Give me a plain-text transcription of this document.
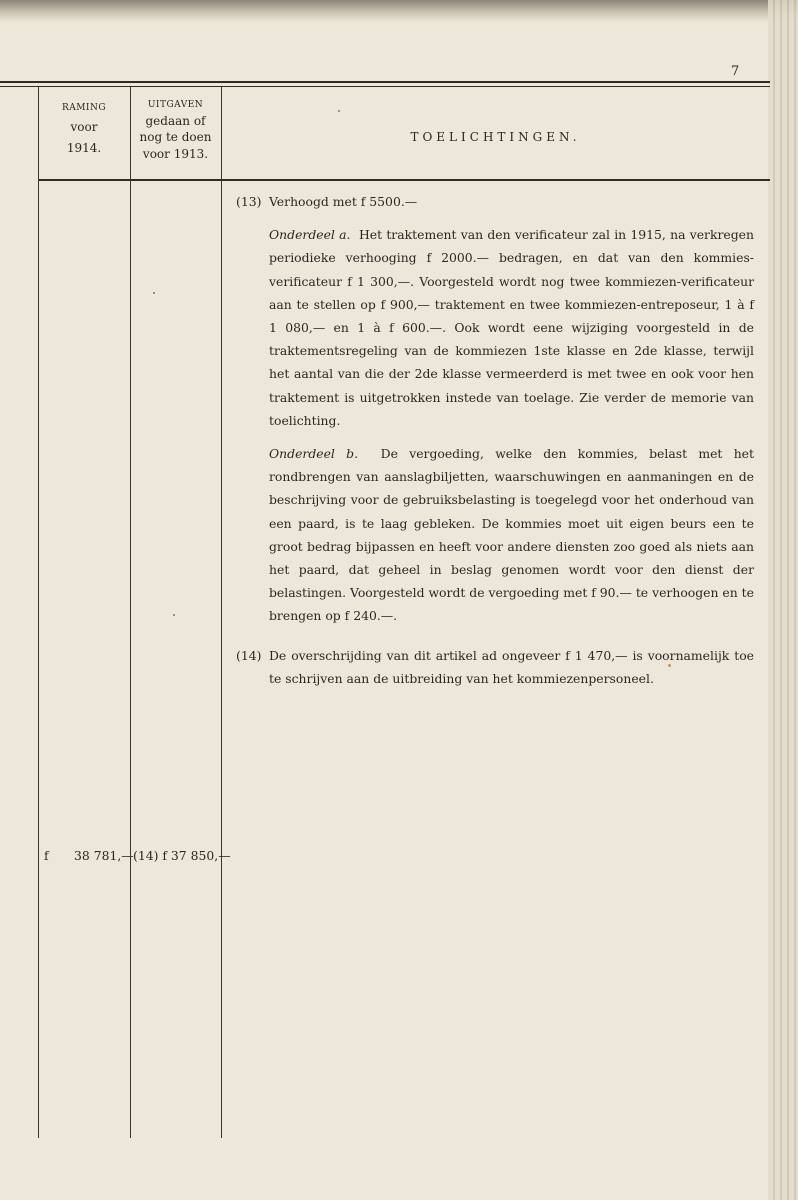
7
RAMING
voor
1914.
UITGAVEN
gedaan of
nog te doen
voor 1913.
TOELICHTINGEN.
(13) Verhoogd met f 5500.—
Onderdeel a. Het traktement van den verificateur zal in 1915, na verkregen periodieke verhooging f 2000.— bedragen, en dat van den kommies-verificateur f 1 300,—. Voorgesteld wordt nog twee kommiezen-verificateur aan te stellen op f 900,— traktement en twee kommiezen-entreposeur, 1 à f 1 080,— en 1 à f 600.—. Ook wordt eene wijziging voorgesteld in de traktementsregeling van de kommiezen 1ste klasse en 2de klasse, terwijl het aantal van die der 2de klasse vermeerderd is met twee en ook voor hen traktement is uitgetrokken instede van toelage. Zie verder de memorie van toelichting.
Onderdeel b. De vergoeding, welke den kommies, belast met het rondbrengen van aanslagbiljetten, waarschuwingen en aanmaningen en de beschrijving voor de gebruiksbelasting is toegelegd voor het onderhoud van een paard, is te laag gebleken. De kommies moet uit eigen beurs een te groot bedrag bijpassen en heeft voor andere diensten zoo goed als niets aan het paard, dat geheel in beslag genomen wordt voor den dienst der belastingen. Voorgesteld wordt de vergoeding met f 90.— te verhoogen en te brengen op f 240.—.
(14) De overschrijding van dit artikel ad ongeveer f 1 470,— is voornamelijk toe te schrijven aan de uitbreiding van het kommiezenpersoneel.
f 38 781,— (14) f 37 850,—
